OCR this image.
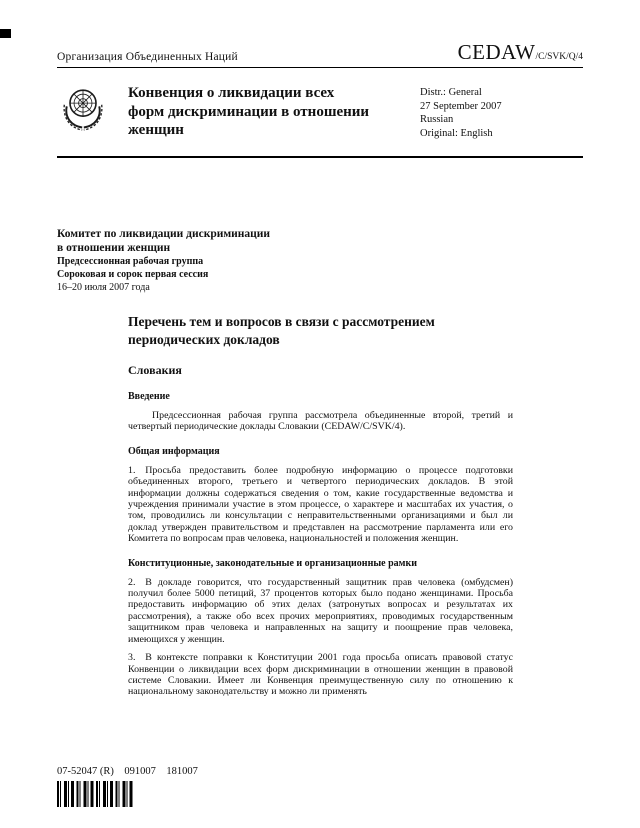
Организация Объединенных Наций	CEDAW/C/SVK/Q/4
Конвенция о ликвидации всех форм дискриминации в отношении женщин
Distr.: General
27 September 2007
Russian
Original: English
Комитет по ликвидации дискриминации
в отношении женщин
Предсессионная рабочая группа
Сороковая и сорок первая сессия
16–20 июля 2007 года
Перечень тем и вопросов в связи с рассмотрением периодических докладов
Словакия
Введение

Предсессионная рабочая группа рассмотрела объединенные второй, третий и четвертый периодические доклады Словакии (CEDAW/C/SVK/4).

Общая информация

1. Просьба предоставить более подробную информацию о процессе подготовки объединенных второго, третьего и четвертого периодических докладов. В этой информации должны содержаться сведения о том, какие государственные ведомства и учреждения принимали участие в этом процессе, о характере и масштабах их участия, о том, проводились ли консультации с неправительственными организациями и был ли доклад утвержден правительством и представлен на рассмотрение парламента или его Комитета по вопросам прав человека, национальностей и положения женщин.

Конституционные, законодательные и организационные рамки

2. В докладе говорится, что государственный защитник прав человека (омбудсмен) получил более 5000 петиций, 37 процентов которых было подано женщинами. Просьба предоставить информацию об этих делах (затронутых вопросах и результатах их рассмотрения), а также обо всех прочих мероприятиях, проводимых государственным защитником прав человека и направленных на защиту и поощрение прав человека, имеющихся у женщин.

3. В контексте поправки к Конституции 2001 года просьба описать правовой статус Конвенции о ликвидации всех форм дискриминации в отношении женщин в правовой системе Словакии. Имеет ли Конвенция преимущественную силу по отношению к национальному законодательству и можно ли применять

07-52047 (R)    091007    181007
